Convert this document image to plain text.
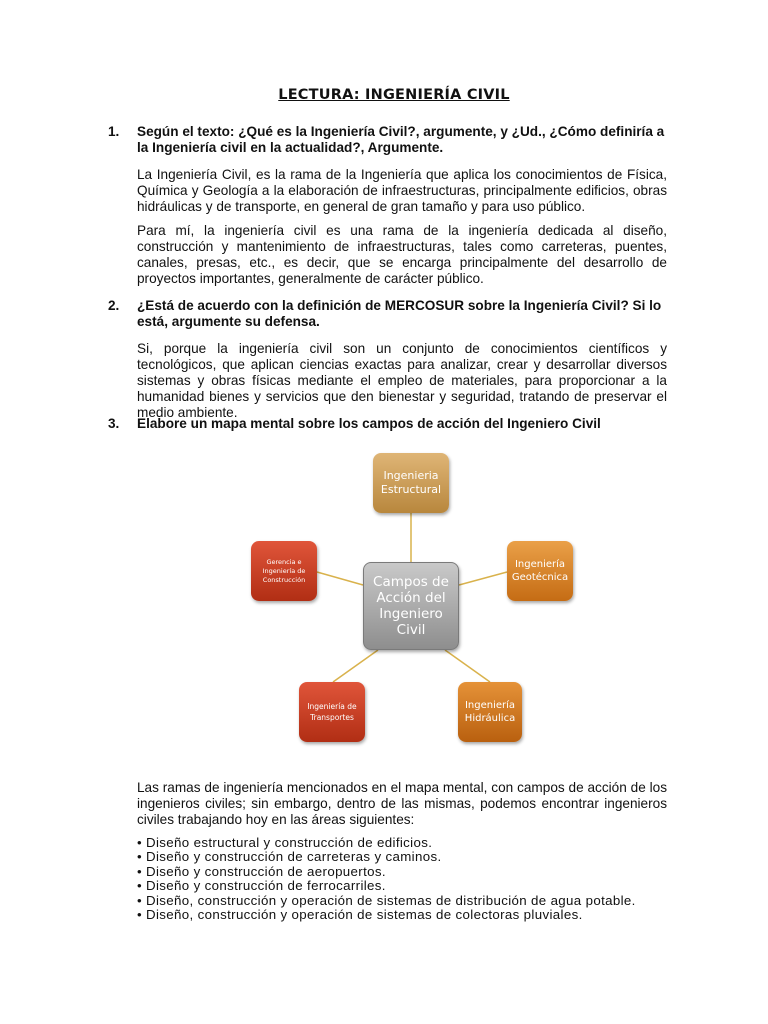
LECTURA: INGENIERÍA CIVIL
1. Según el texto: ¿Qué es la Ingeniería Civil?, argumente, y ¿Ud., ¿Cómo definiría a la Ingeniería civil en la actualidad?, Argumente.
La Ingeniería Civil, es la rama de la Ingeniería que aplica los conocimientos de Física, Química y Geología a la elaboración de infraestructuras, principalmente edificios, obras hidráulicas y de transporte, en general de gran tamaño y para uso público.
Para mí, la ingeniería civil es una rama de la ingeniería dedicada al diseño, construcción y mantenimiento de infraestructuras, tales como carreteras, puentes, canales, presas, etc., es decir, que se encarga principalmente del desarrollo de proyectos importantes, generalmente de carácter público.
2. ¿Está de acuerdo con la definición de MERCOSUR sobre la Ingeniería Civil? Si lo está, argumente su defensa.
Si, porque la ingeniería civil son un conjunto de conocimientos científicos y tecnológicos, que aplican ciencias exactas para analizar, crear y desarrollar diversos sistemas y obras físicas mediante el empleo de materiales, para proporcionar a la humanidad bienes y servicios que den bienestar y seguridad, tratando de preservar el medio ambiente.
3. Elabore un mapa mental sobre los campos de acción del Ingeniero Civil
Ingenieria Estructural
Ingeniería Geotécnica
Gerencia e Ingeniería de Construcción	Campos de Acción del Ingeniero Civil
Ingeniería de Transportes
Ingeniería Hidráulica
Las ramas de ingeniería mencionados en el mapa mental, con campos de acción de los ingenieros civiles; sin embargo, dentro de las mismas, podemos encontrar ingenieros civiles trabajando hoy en las áreas siguientes:
• Diseño estructural y construcción de edificios.
• Diseño y construcción de carreteras y caminos.
• Diseño y construcción de aeropuertos.
• Diseño y construcción de ferrocarriles.
• Diseño, construcción y operación de sistemas de distribución de agua potable.
• Diseño, construcción y operación de sistemas de colectoras pluviales.
